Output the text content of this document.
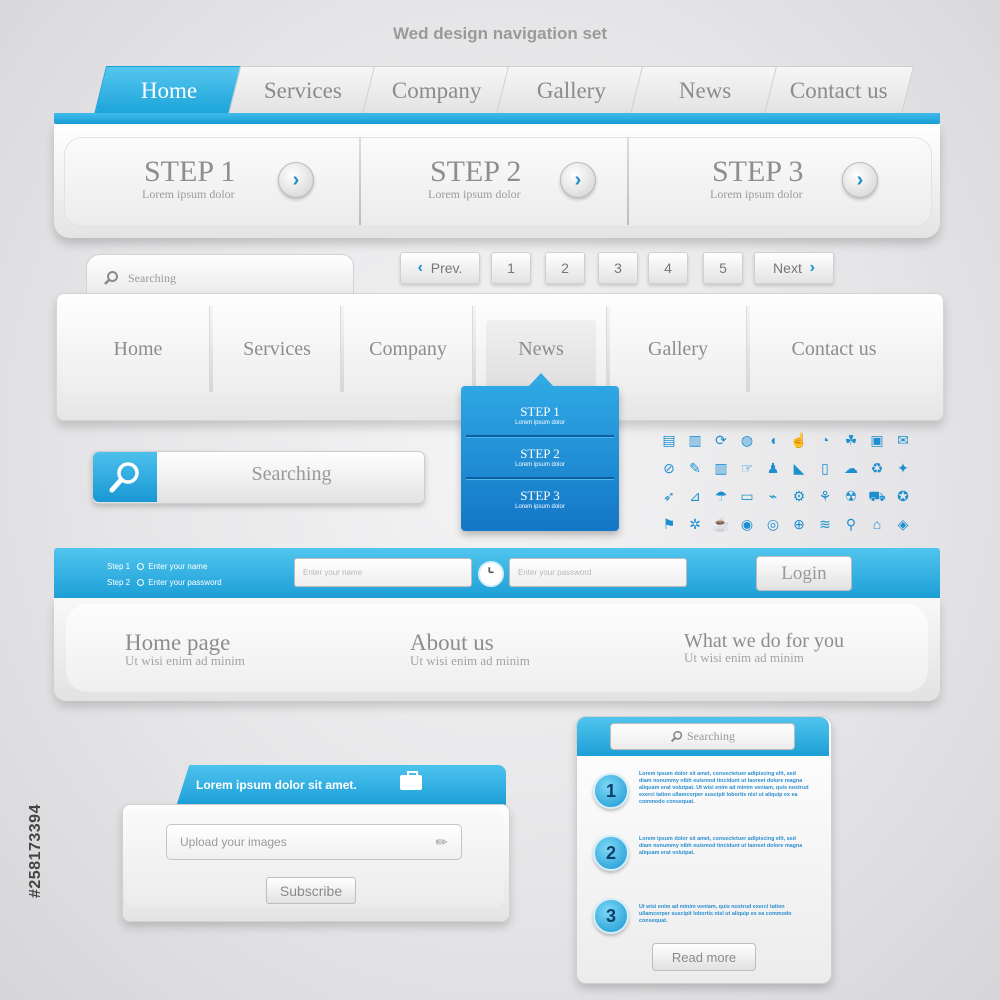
Wed design navigation set
Home	Services Company Gallery	News	Contact us
STEP 1
Lorem ipsum dolor
›	STEP 2
Lorem ipsum dolor
›	STEP 3
Lorem ipsum dolor
›
Searching
‹
Prev.	1	2	3	4	5	Next
›
Home	Services	Company	News	Gallery	Contact us
STEP 1
Lorem ipsum dolor
STEP 2
Lorem ipsum dolor
STEP 3
Lorem ipsum dolor
Searching
▤ ▥ ⟳	◍	◖ ☝ ◔	☘ ▣ ✉
⊘	✎ ▥ ☞ ♟	◣	▯	☁ ♻ ✦
➶	⊿ ☂ ▭	⌁	⚙ ⚘ ☢ ⛟ ✪
⚑ ✲ ☕ ◉ ◎	⊕	≋	⚲	⌂	◈
Step 1 Enter your name
Step 2 Enter your password
Enter your name	Enter your password	Login
Home page
Ut wisi enim ad minim
About us
Ut wisi enim ad minim
What we do for you
Ut wisi enim ad minim
Lorem ipsum dolor sit amet.
Upload your images	✎
Subscribe
Searching
1
Lorem ipsum dolor sit amet, consectetuer adipiscing elit, sed diam nonummy nibh euismod tincidunt ut laoreet dolore magna aliquam erat volutpat. Ut wisi enim ad minim veniam, quis nostrud exerci tation ullamcorper suscipit lobortis nisl ut aliquip ex ea commodo consequat.
2
Lorem ipsum dolor sit amet, consectetuer adipiscing elit, sed diam nonummy nibh euismod tincidunt ut laoreet dolore magna aliquam erat volutpat.
3	Ut wisi enim ad minim veniam, quis nostrud exerci tation ullamcorper suscipit lobortis nisl ut aliquip ex ea commodo consequat.
Read more
#258173394
